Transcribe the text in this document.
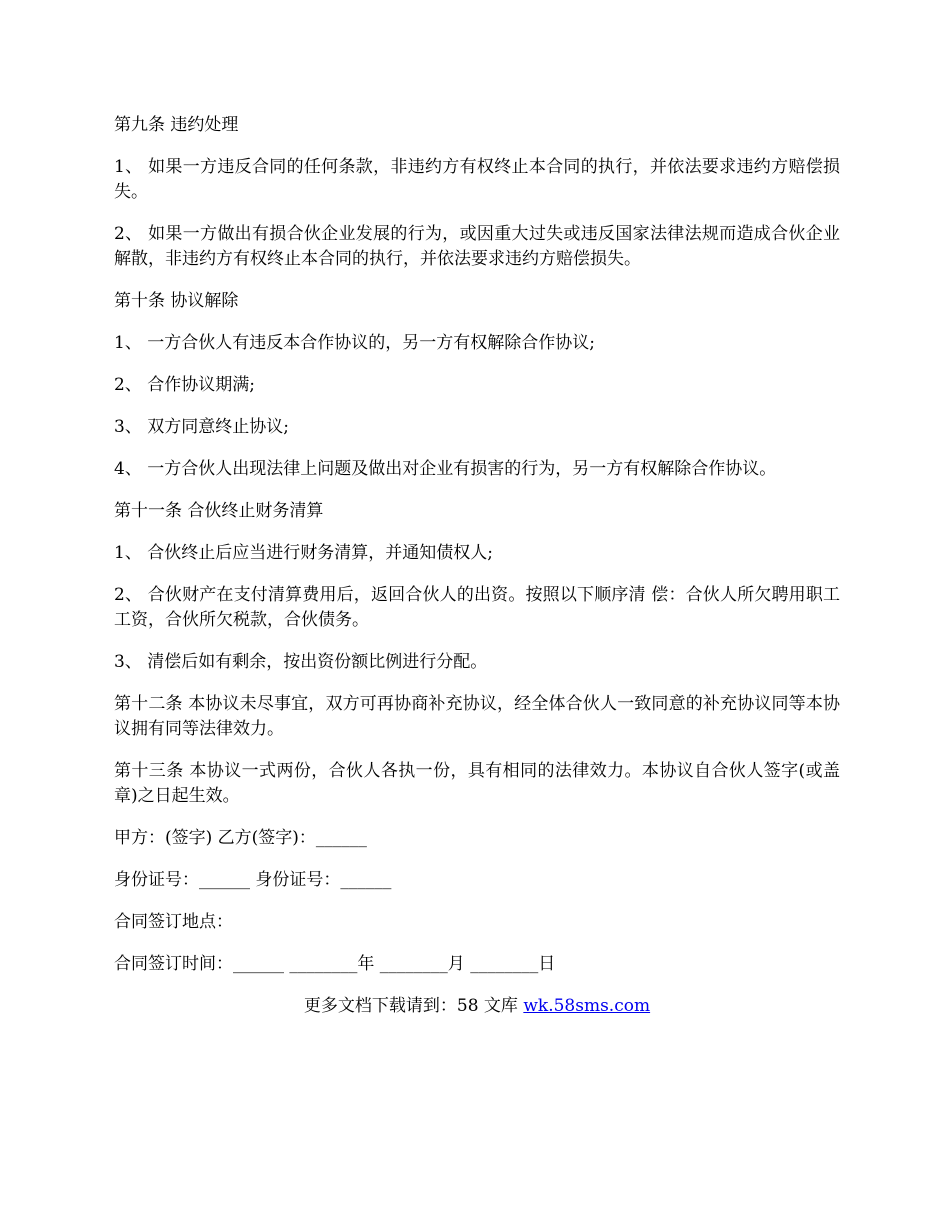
第九条 违约处理

1、 如果一方违反合同的任何条款，非违约方有权终止本合同的执行，并依法要求违约方赔偿损失。

2、 如果一方做出有损合伙企业发展的行为，或因重大过失或违反国家法律法规而造成合伙企业解散，非违约方有权终止本合同的执行，并依法要求违约方赔偿损失。

第十条 协议解除

1、 一方合伙人有违反本合作协议的，另一方有权解除合作协议;

2、 合作协议期满;

3、 双方同意终止协议;

4、 一方合伙人出现法律上问题及做出对企业有损害的行为，另一方有权解除合作协议。

第十一条 合伙终止财务清算

1、 合伙终止后应当进行财务清算，并通知债权人;

2、 合伙财产在支付清算费用后，返回合伙人的出资。按照以下顺序清 偿：合伙人所欠聘用职工工资，合伙所欠税款，合伙债务。

3、 清偿后如有剩余，按出资份额比例进行分配。

第十二条 本协议未尽事宜，双方可再协商补充协议，经全体合伙人一致同意的补充协议同等本协议拥有同等法律效力。

第十三条 本协议一式两份，合伙人各执一份，具有相同的法律效力。本协议自合伙人签字(或盖章)之日起生效。

甲方：(签字) 乙方(签字)：______

身份证号：______ 身份证号：______

合同签订地点：

合同签订时间：______ ________年 ________月 ________日

更多文档下载请到：58 文库 wk.58sms.com
